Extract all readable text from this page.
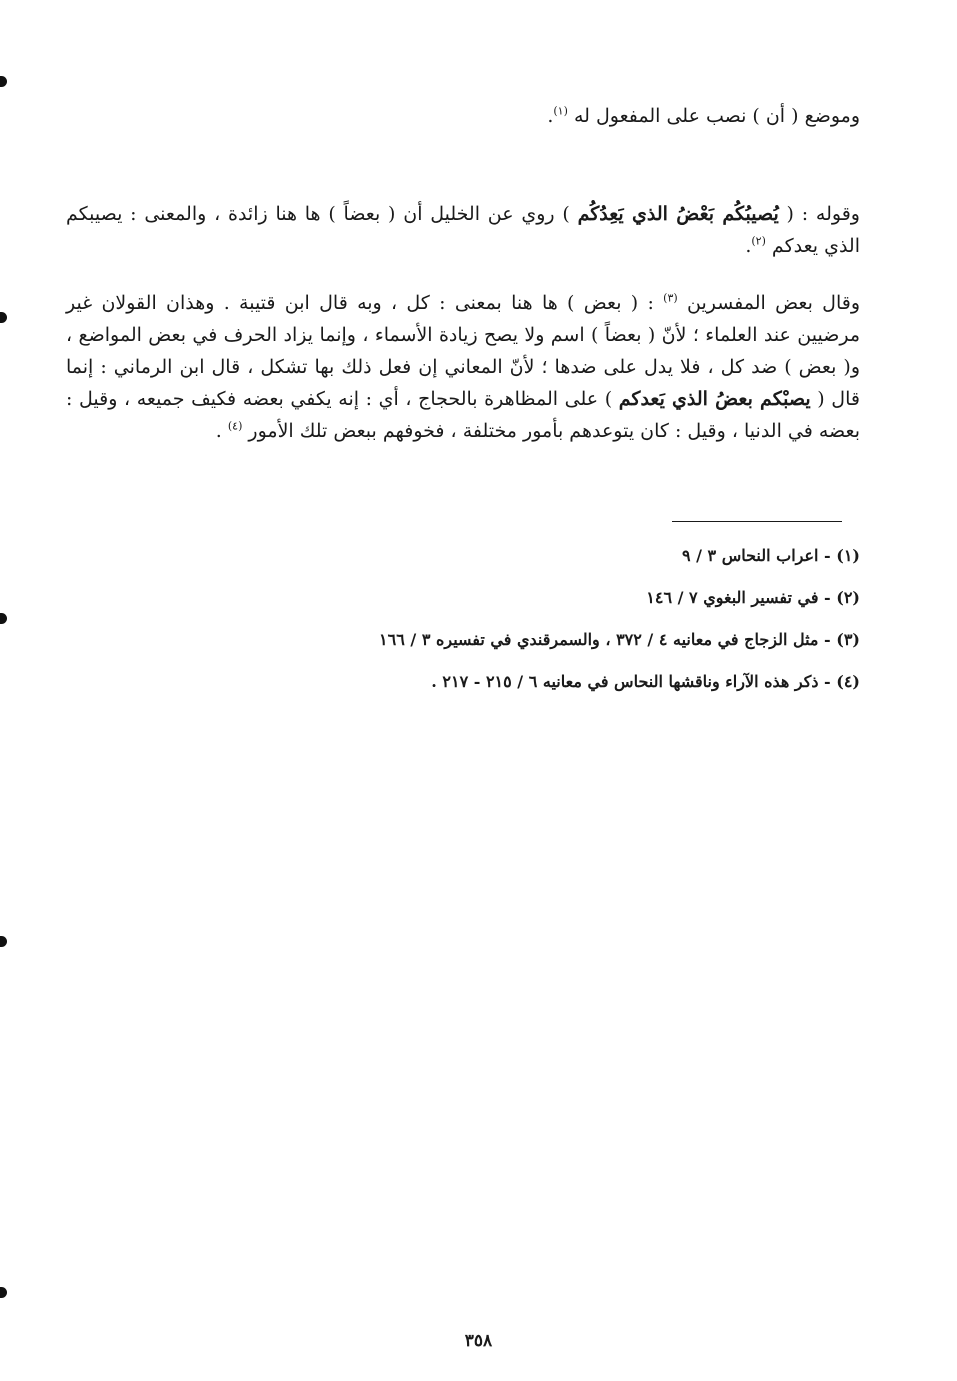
وموضع ( أن ) نصب على المفعول له $^{(١)}$.
وقوله : ( يُصيبُكُم بَعْضُ الذي يَعِدُكُم ) روي عن الخليل أن ( بعضاً ) ها هنا زائدة ، والمعنى : يصيبكم الذي يعدكم $^{(٢)}$.
وقال بعض المفسرين $^{(٣)}$ : ( بعض ) ها هنا بمعنى : كل ، وبه قال ابن قتيبة . وهذان القولان غير مرضيين عند العلماء ؛ لأنّ ( بعضاً ) اسم ولا يصح زيادة الأسماء ، وإنما يزاد الحرف في بعض المواضع ، و( بعض ) ضد كل ، فلا يدل على ضدها ؛ لأنّ المعاني إن فعل ذلك بها تشكل ، قال ابن الرماني : إنما قال ( يصبْكم بعضُ الذي يَعدكم ) على المظاهرة بالحجاج ، أي : إنه يكفي بعضه فكيف جميعه ، وقيل : بعضه في الدنيا ، وقيل : كان يتوعدهم بأمور مختلفة ، فخوفهم ببعض تلك الأمور $^{(٤)}$ .
(١) - اعراب النحاس ٣ / ٩
(٢) - في تفسير البغوي ٧ / ١٤٦
(٣) - مثل الزجاج في معانيه ٤ / ٣٧٢ ، والسمرقندي في تفسيره ٣ / ١٦٦
(٤) - ذكر هذه الآراء وناقشها النحاس في معانيه ٦ / ٢١٥ - ٢١٧ .
٣٥٨
